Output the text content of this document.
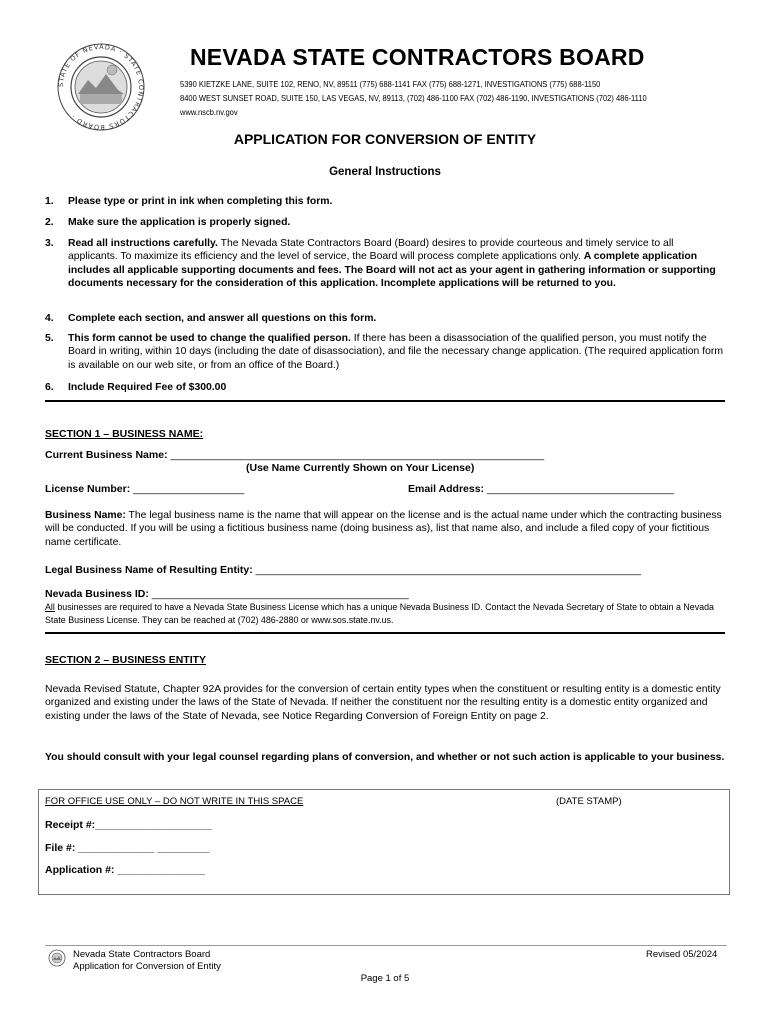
STATE OF NEVADA · STATE CONTRACTORS BOARD ·
NEVADA STATE CONTRACTORS BOARD
5390 KIETZKE LANE, SUITE 102, RENO, NV, 89511 (775) 688-1141 FAX (775) 688-1271, INVESTIGATIONS (775) 688-1150
8400 WEST SUNSET ROAD, SUITE 150, LAS VEGAS, NV, 89113, (702) 486-1100 FAX (702) 486-1190, INVESTIGATIONS (702) 486-1110
www.nscb.nv.gov
APPLICATION FOR CONVERSION OF ENTITY
General Instructions
1. Please type or print in ink when completing this form.
2. Make sure the application is properly signed.
3. Read all instructions carefully. The Nevada State Contractors Board (Board) desires to provide courteous and timely service to all applicants. To maximize its efficiency and the level of service, the Board will process complete applications only. A complete application includes all applicable supporting documents and fees. The Board will not act as your agent in gathering information or supporting documents necessary for the consideration of this application. Incomplete applications will be returned to you.
4. Complete each section, and answer all questions on this form.
5. This form cannot be used to change the qualified person. If there has been a disassociation of the qualified person, you must notify the Board in writing, within 10 days (including the date of disassociation), and file the necessary change application. (The required application form is available on our web site, or from an office of the Board.)
6. Include Required Fee of $300.00
SECTION 1 – BUSINESS NAME:
Current Business Name: ________________________________________________________________
(Use Name Currently Shown on Your License)
License Number: ___________________	Email Address: ________________________________
Business Name: The legal business name is the name that will appear on the license and is the actual name under which the contracting business will be conducted. If you will be using a fictitious business name (doing business as), list that name also, and include a filed copy of your fictitious name certificate.
Legal Business Name of Resulting Entity: __________________________________________________________________
Nevada Business ID: ____________________________________________
All businesses are required to have a Nevada State Business License which has a unique Nevada Business ID. Contact the Nevada Secretary of State to obtain a Nevada State Business License. They can be reached at (702) 486-2880 or www.sos.state.nv.us.
SECTION 2 – BUSINESS ENTITY
Nevada Revised Statute, Chapter 92A provides for the conversion of certain entity types when the constituent or resulting entity is a domestic entity organized and existing under the laws of the State of Nevada. If neither the constituent nor the resulting entity is a domestic entity organized and existing under the laws of the State of Nevada, see Notice Regarding Conversion of Foreign Entity on page 2.
You should consult with your legal counsel regarding plans of conversion, and whether or not such action is applicable to your business.
FOR OFFICE USE ONLY – DO NOT WRITE IN THIS SPACE	(DATE STAMP)
Receipt #:____________________
File #: _____________ _________
Application #: _______________
Nevada State Contractors Board
Application for Conversion of Entity
Revised 05/2024
Page 1 of 5
